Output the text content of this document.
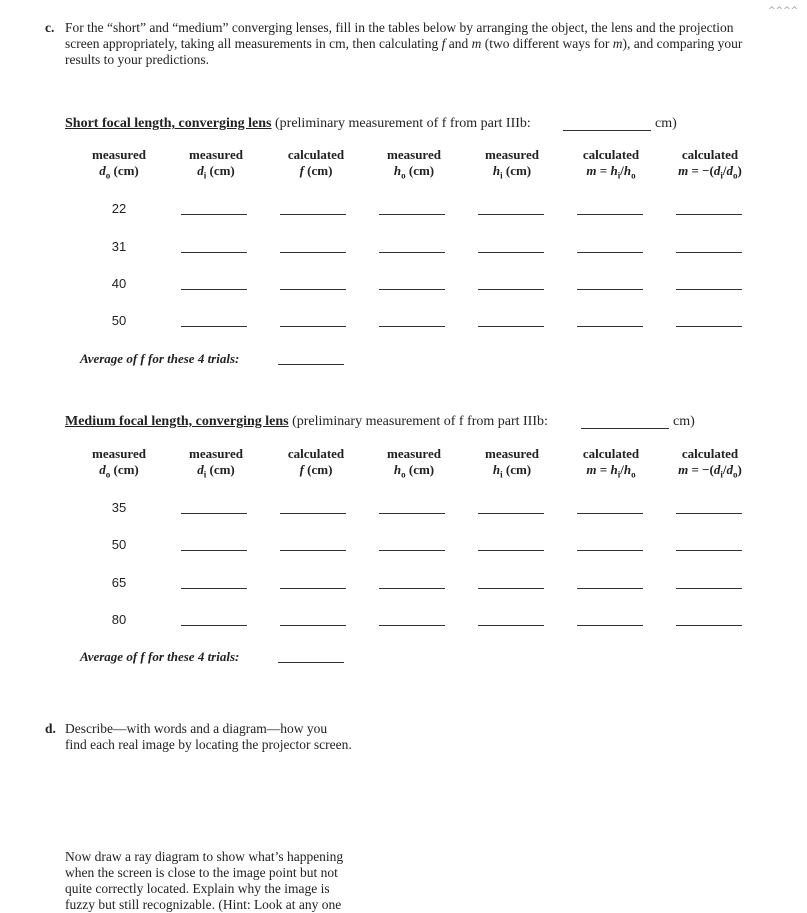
^^^^
c. For the “short” and “medium” converging lenses, fill in the tables below by arranging the object, the lens and the projection screen appropriately, taking all measurements in cm, then calculating f and m (two different ways for m), and comparing your results to your predictions.
Short focal length, converging lens (preliminary measurement of f from part IIIb:	cm)
measured
$d_o$ (cm)
measured
$d_i$ (cm)
calculated
f (cm)
measured
$h_o$ (cm)
measured
$h_i$ (cm)
calculated
$m = h_i/h_o$
calculated
$m = -(d_i/d_o)$
22
31
40
50
Average of f for these 4 trials:
Medium focal length, converging lens (preliminary measurement of f from part IIIb:	cm)
measured
$d_o$ (cm)
measured
$d_i$ (cm)
calculated
f (cm)
measured
$h_o$ (cm)
measured
$h_i$ (cm)
calculated
$m = h_i/h_o$
calculated
$m = -(d_i/d_o)$
35
50
65
80
Average of f for these 4 trials:
d. Describe—with words and a diagram—how you
find each real image by locating the projector screen.
Now draw a ray diagram to show what’s happening
when the screen is close to the image point but not
quite correctly located. Explain why the image is
fuzzy but still recognizable. (Hint: Look at any one
